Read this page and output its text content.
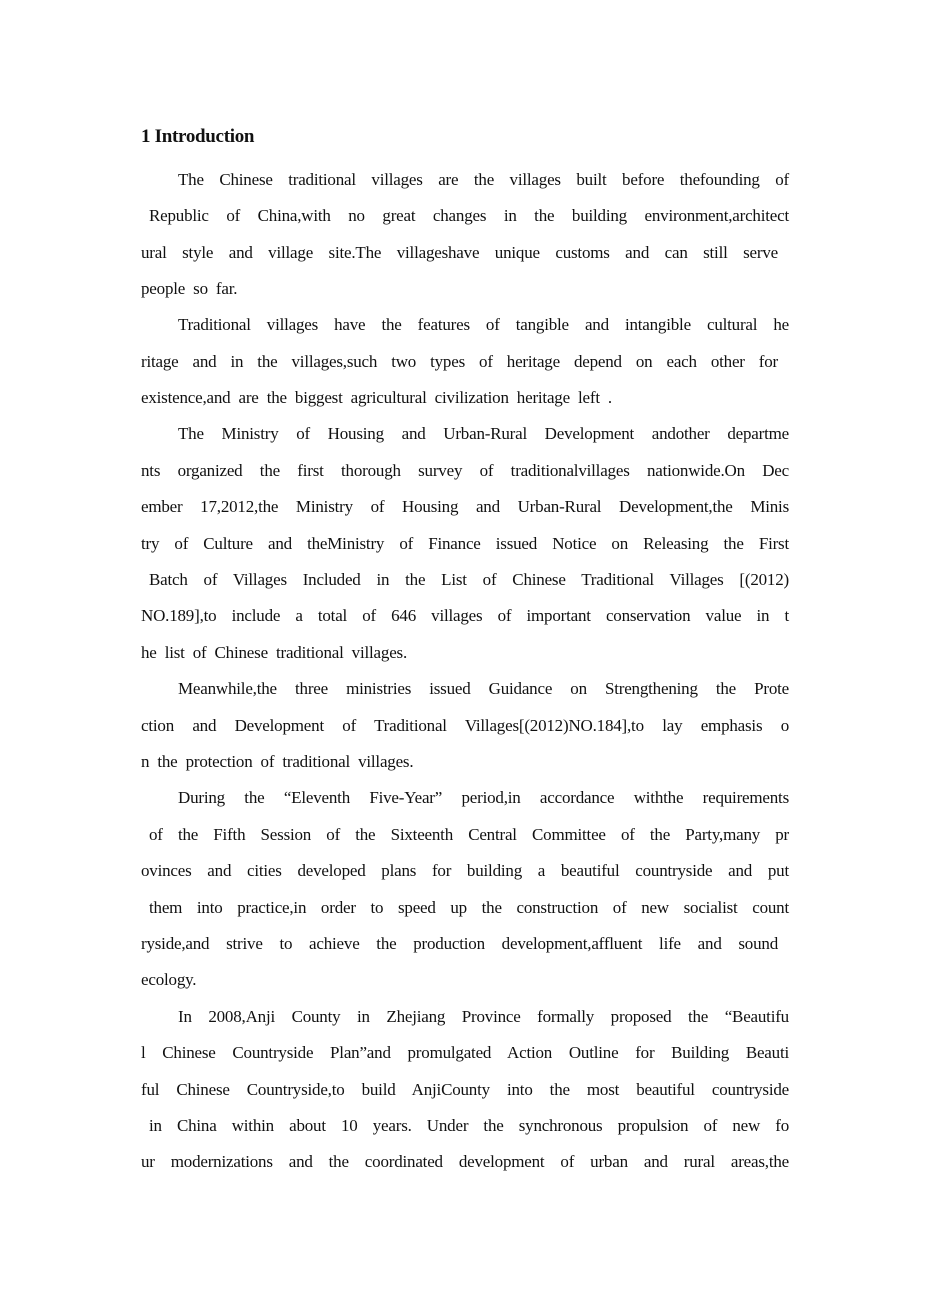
1 Introduction
The Chinese traditional villages are the villages built before thefounding of
Republic of China,with no great changes in the building environment,architect
ural style and village site.The villageshave unique customs and can still serve
people so far.
Traditional villages have the features of tangible and intangible cultural he
ritage and in the villages,such two types of heritage depend on each other for
existence,and are the biggest agricultural civilization heritage left .
The Ministry of Housing and Urban-Rural Development andother departme
nts organized the first thorough survey of traditionalvillages nationwide.On Dec
ember 17,2012,the Ministry of Housing and Urban-Rural Development,the Minis
try of Culture and theMinistry of Finance issued Notice on Releasing the First
Batch of Villages Included in the List of Chinese Traditional Villages [(2012)
NO.189],to include a total of 646 villages of important conservation value in t
he list of Chinese traditional villages.
Meanwhile,the three ministries issued Guidance on Strengthening the Prote
ction and Development of Traditional Villages[(2012)NO.184],to lay emphasis o
n the protection of traditional villages.
During the “Eleventh Five-Year” period,in accordance withthe requirements
of the Fifth Session of the Sixteenth Central Committee of the Party,many pr
ovinces and cities developed plans for building a beautiful countryside and put
them into practice,in order to speed up the construction of new socialist count
ryside,and strive to achieve the production development,affluent life and sound
ecology.
In 2008,Anji County in Zhejiang Province formally proposed the “Beautifu
l Chinese Countryside Plan”and promulgated Action Outline for Building Beauti
ful Chinese Countryside,to build AnjiCounty into the most beautiful countryside
in China within about 10 years. Under the synchronous propulsion of new fo
ur modernizations and the coordinated development of urban and rural areas,the
